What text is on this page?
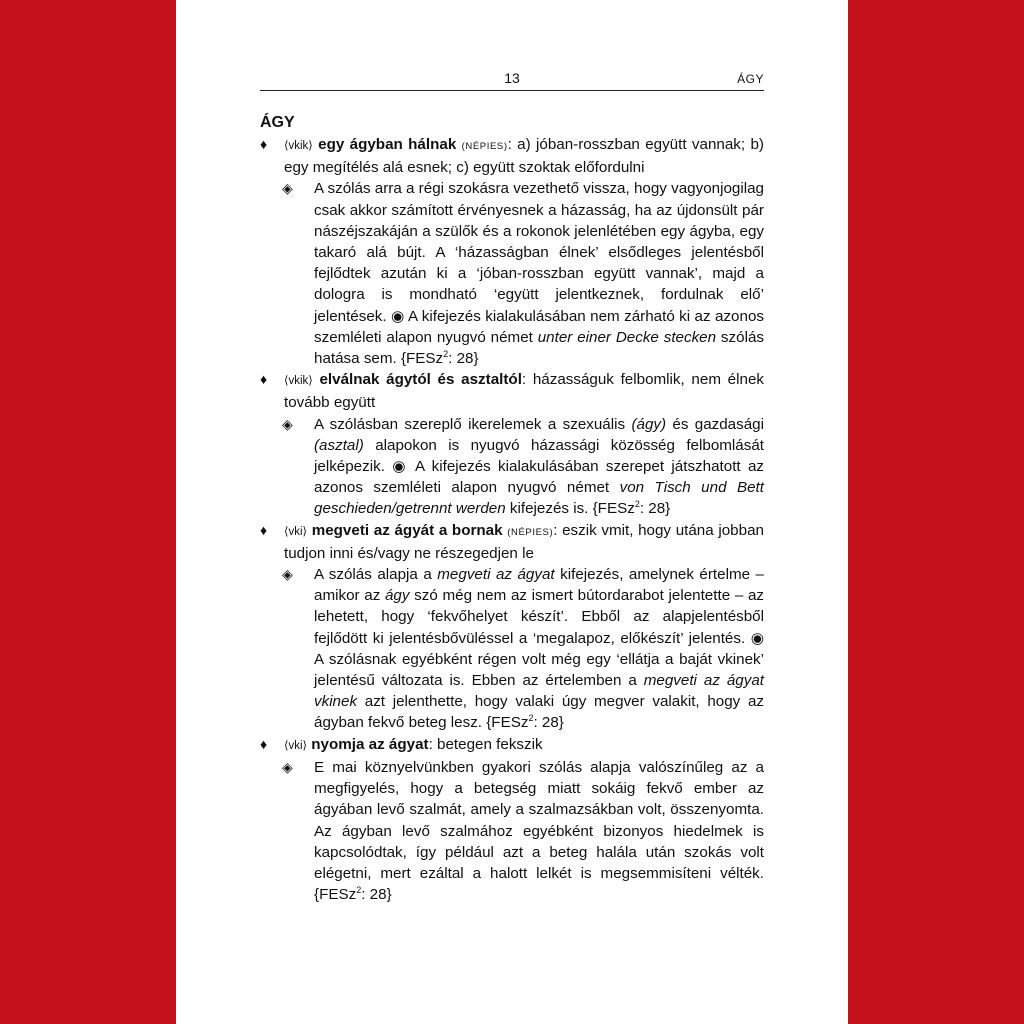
13	ÁGY
ÁGY
♦ ⟨vkik⟩ egy ágyban hálnak (NÉPIES): a) jóban-rosszban együtt vannak; b) egy megítélés alá esnek; c) együtt szoktak előfordulni
◈ A szólás arra a régi szokásra vezethető vissza, hogy vagyonjogilag csak akkor számított érvényesnek a házasság, ha az újdonsült pár nászéjszakáján a szülők és a rokonok jelenlétében egy ágyba, egy takaró alá bújt. A ‘házasságban élnek’ elsődleges jelentésből fejlődtek azután ki a ‘jóban-rosszban együtt vannak’, majd a dologra is mondható ‘együtt jelentkeznek, fordulnak elő’ jelentések. ◉ A kifejezés kialakulásában nem zárható ki az azonos szemléleti alapon nyugvó német unter einer Decke stecken szólás hatása sem. {FESz$^2$: 28}
♦ ⟨vkik⟩ elválnak ágytól és asztaltól: házasságuk felbomlik, nem élnek tovább együtt
◈ A szólásban szereplő ikerelemek a szexuális (ágy) és gazdasági (asztal) alapokon is nyugvó házassági közösség felbomlását jelképezik. ◉ A kifejezés kialakulásában szerepet játszhatott az azonos szemléleti alapon nyugvó német von Tisch und Bett geschieden/getrennt werden kifejezés is. {FESz$^2$: 28}
♦ ⟨vki⟩ megveti az ágyát a bornak (NÉPIES): eszik vmit, hogy utána jobban tudjon inni és/vagy ne részegedjen le
◈ A szólás alapja a megveti az ágyat kifejezés, amelynek értelme – amikor az ágy szó még nem az ismert bútordarabot jelentette – az lehetett, hogy ‘fekvőhelyet készít’. Ebből az alapjelentésből fejlődött ki jelentésbővüléssel a ‘megalapoz, előkészít’ jelentés. ◉ A szólásnak egyébként régen volt még egy ‘ellátja a baját vkinek’ jelentésű változata is. Ebben az értelemben a megveti az ágyat vkinek azt jelenthette, hogy valaki úgy megver valakit, hogy az ágyban fekvő beteg lesz. {FESz$^2$: 28}
♦ ⟨vki⟩ nyomja az ágyat: betegen fekszik
◈ E mai köznyelvünkben gyakori szólás alapja valószínűleg az a megfigyelés, hogy a betegség miatt sokáig fekvő ember az ágyában levő szalmát, amely a szalmazsákban volt, összenyomta. Az ágyban levő szalmához egyébként bizonyos hiedelmek is kapcsolódtak, így például azt a beteg halála után szokás volt elégetni, mert ezáltal a halott lelkét is megsemmisíteni vélték. {FESz$^2$: 28}
